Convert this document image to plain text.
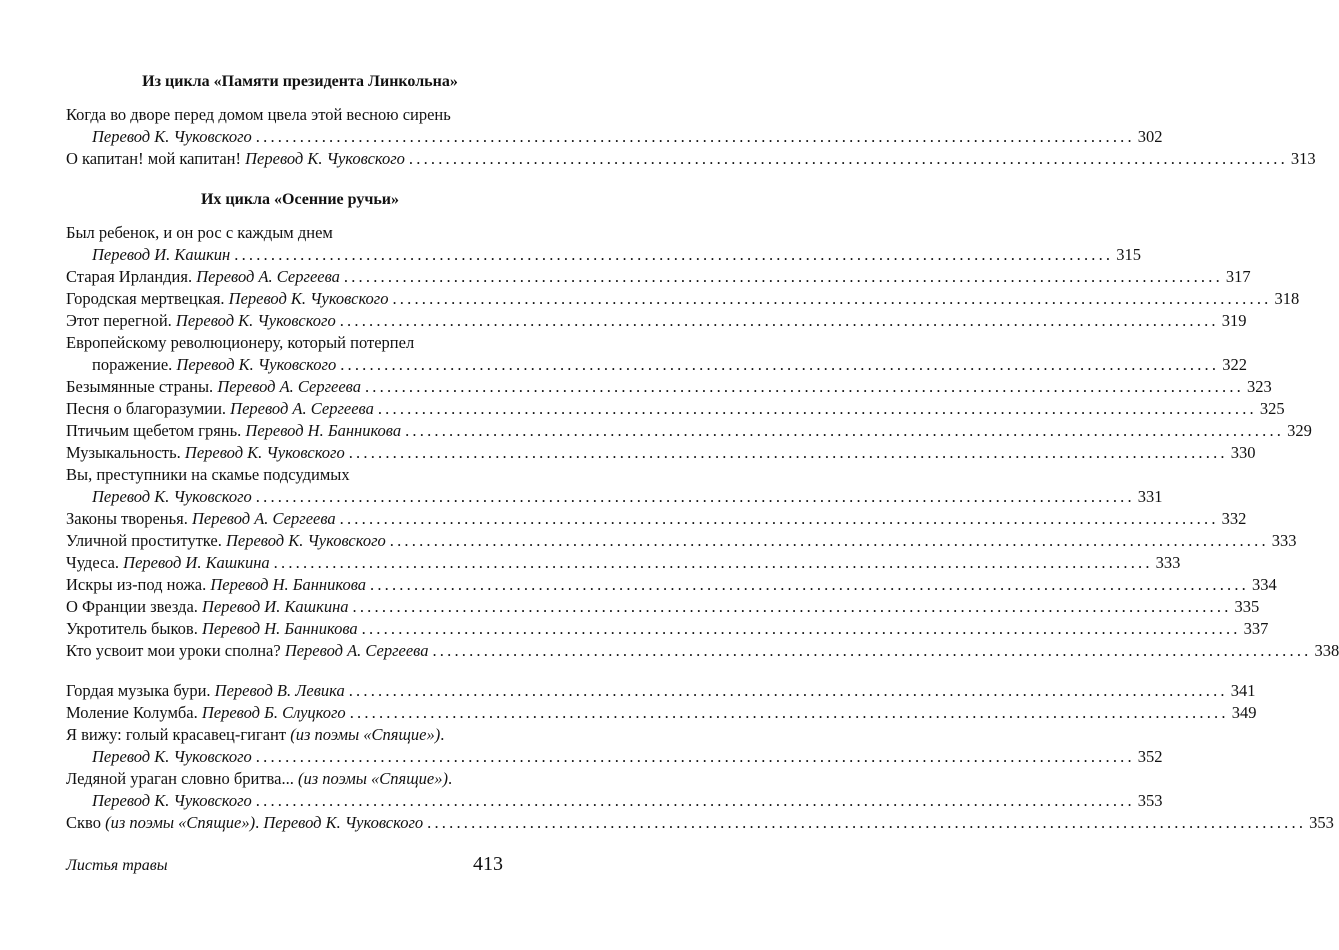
Из цикла «Памяти президента Линкольна»
Когда во дворе перед домом цвела этой весною сирень
Перевод К. Чуковского ........................................................................................................................ 302
О капитан! мой капитан! Перевод К. Чуковского ........................................................................................................................ 313
Их цикла «Осенние ручьи»
Был ребенок, и он рос с каждым днем
Перевод И. Кашкин ........................................................................................................................ 315
Старая Ирландия. Перевод А. Сергеева ........................................................................................................................ 317
Городская мертвецкая. Перевод К. Чуковского ........................................................................................................................ 318
Этот перегной. Перевод К. Чуковского ........................................................................................................................ 319
Европейскому революционеру, который потерпел
поражение. Перевод К. Чуковского ........................................................................................................................ 322
Безымянные страны. Перевод А. Сергеева ........................................................................................................................ 323
Песня о благоразумии. Перевод А. Сергеева ........................................................................................................................ 325
Птичьим щебетом грянь. Перевод Н. Банникова ........................................................................................................................ 329
Музыкальность. Перевод К. Чуковского ........................................................................................................................ 330
Вы, преступники на скамье подсудимых
Перевод К. Чуковского ........................................................................................................................ 331
Законы творенья. Перевод А. Сергеева ........................................................................................................................ 332
Уличной проститутке. Перевод К. Чуковского ........................................................................................................................ 333
Чудеса. Перевод И. Кашкина ........................................................................................................................ 333
Искры из-под ножа. Перевод Н. Банникова ........................................................................................................................ 334
О Франции звезда. Перевод И. Кашкина ........................................................................................................................ 335
Укротитель быков. Перевод Н. Банникова ........................................................................................................................ 337
Кто усвоит мои уроки сполна? Перевод А. Сергеева ........................................................................................................................ 338
Гордая музыка бури. Перевод В. Левика ........................................................................................................................ 341
Моление Колумба. Перевод Б. Слуцкого ........................................................................................................................ 349
Я вижу: голый красавец-гигант (из поэмы «Спящие»).
Перевод К. Чуковского ........................................................................................................................ 352
Ледяной ураган словно бритва... (из поэмы «Спящие»).
Перевод К. Чуковского ........................................................................................................................ 353
Скво (из поэмы «Спящие»). Перевод К. Чуковского ........................................................................................................................ 353
Листья травы	413
